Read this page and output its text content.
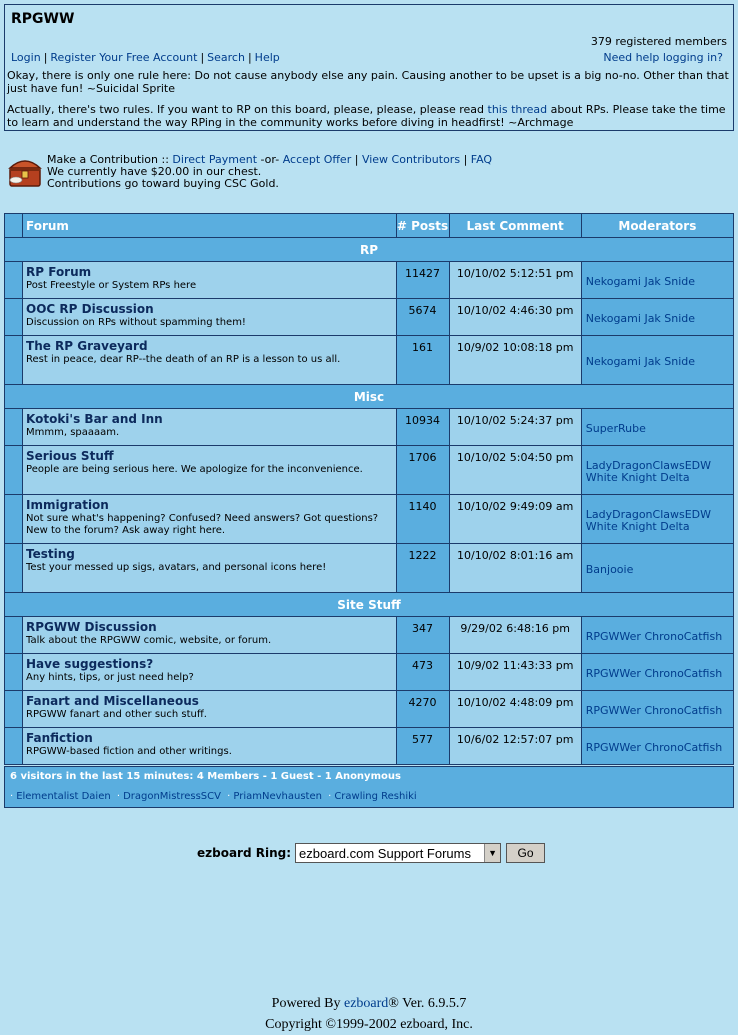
RPGWW
379 registered members
Login | Register Your Free Account | Search | Help	Need help logging in?
Okay, there is only one rule here: Do not cause anybody else any pain. Causing another to be upset is a big no-no. Other than that just have fun! ~Suicidal Sprite
Actually, there's two rules. If you want to RP on this board, please, please, please read this thread about RPs. Please take the time to learn and understand the way RPing in the community works before diving in headfirst! ~Archmage
Make a Contribution :: Direct Payment -or- Accept Offer | View Contributors | FAQ
We currently have $20.00 in our chest.
Contributions go toward buying CSC Gold.
	Forum	# Posts	Last Comment	Moderators
RP				

	RP Forum
Post Freestyle or System RPs here	11427	10/10/02 5:12:51 pm	Nekogami Jak Snide

	OOC RP Discussion
Discussion on RPs without spamming them!	5674	10/10/02 4:46:30 pm	Nekogami Jak Snide

	The RP Graveyard
Rest in peace, dear RP--the death of an RP is a lesson to us all.	161	10/9/02 10:08:18 pm	Nekogami Jak Snide

Misc				

	Kotoki's Bar and Inn
Mmmm, spaaaam.	10934	10/10/02 5:24:37 pm	SuperRube

	Serious Stuff
People are being serious here. We apologize for the inconvenience.	1706	10/10/02 5:04:50 pm	LadyDragonClawsEDW
White Knight Delta

	Immigration
Not sure what's happening? Confused? Need answers? Got questions? New to the forum? Ask away right here.	1140	10/10/02 9:49:09 am	LadyDragonClawsEDW
White Knight Delta

	Testing
Test your messed up sigs, avatars, and personal icons here!	1222	10/10/02 8:01:16 am	Banjooie

Site Stuff				

	RPGWW Discussion
Talk about the RPGWW comic, website, or forum.	347	9/29/02 6:48:16 pm	RPGWWer ChronoCatfish

	Have suggestions?
Any hints, tips, or just need help?	473	10/9/02 11:43:33 pm	RPGWWer ChronoCatfish

	Fanart and Miscellaneous
RPGWW fanart and other such stuff.	4270	10/10/02 4:48:09 pm	RPGWWer ChronoCatfish

	Fanfiction
RPGWW-based fiction and other writings.	577	10/6/02 12:57:07 pm	RPGWWer ChronoCatfish
6 visitors in the last 15 minutes: 4 Members - 1 Guest - 1 Anonymous
· Elementalist Daien · DragonMistressSCV · PriamNevhausten · Crawling Reshiki
ezboard Ring: ezboard.com Support Forums	▼	Go
Powered By ezboard® Ver. 6.9.5.7
Copyright ©1999-2002 ezboard, Inc.
